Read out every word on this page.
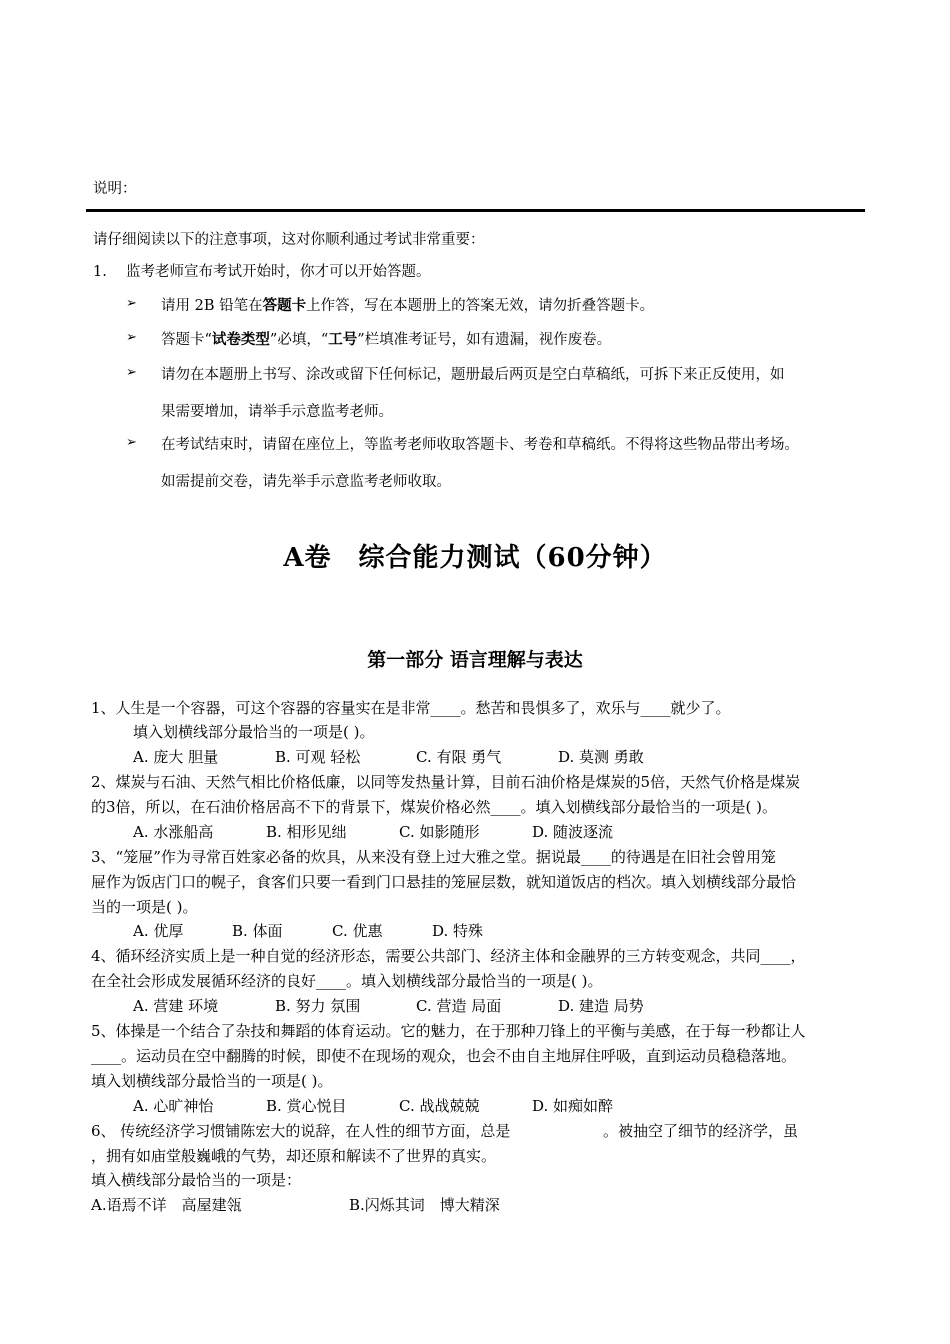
说明：
请仔细阅读以下的注意事项，这对你顺利通过考试非常重要：
1. 监考老师宣布考试开始时，你才可以开始答题。
➢ 请用 2B 铅笔在答题卡上作答，写在本题册上的答案无效，请勿折叠答题卡。
➢ 答题卡“试卷类型”必填，“工号”栏填准考证号，如有遗漏，视作废卷。
➢ 请勿在本题册上书写、涂改或留下任何标记，题册最后两页是空白草稿纸，可拆下来正反使用，如
果需要增加，请举手示意监考老师。
➢ 在考试结束时，请留在座位上，等监考老师收取答题卡、考卷和草稿纸。不得将这些物品带出考场。
如需提前交卷，请先举手示意监考老师收取。
A卷　综合能力测试（60分钟）
第一部分 语言理解与表达
1、人生是一个容器，可这个容器的容量实在是非常____。愁苦和畏惧多了，欢乐与____就少了。
填入划横线部分最恰当的一项是( )。
A. 庞大 胆量	B. 可观 轻松	C. 有限 勇气	D. 莫测 勇敢
2、煤炭与石油、天然气相比价格低廉，以同等发热量计算，目前石油价格是煤炭的5倍，天然气价格是煤炭
的3倍，所以，在石油价格居高不下的背景下，煤炭价格必然____。填入划横线部分最恰当的一项是( )。
A. 水涨船高	B. 相形见绌	C. 如影随形	D. 随波逐流
3、“笼屉”作为寻常百姓家必备的炊具，从来没有登上过大雅之堂。据说最____的待遇是在旧社会曾用笼
屉作为饭店门口的幌子，食客们只要一看到门口悬挂的笼屉层数，就知道饭店的档次。填入划横线部分最恰
当的一项是( )。
A. 优厚	B. 体面	C. 优惠	D. 特殊
4、循环经济实质上是一种自觉的经济形态，需要公共部门、经济主体和金融界的三方转变观念，共同____，
在全社会形成发展循环经济的良好____。填入划横线部分最恰当的一项是( )。
A. 营建 环境	B. 努力 氛围	C. 营造 局面	D. 建造 局势
5、体操是一个结合了杂技和舞蹈的体育运动。它的魅力，在于那种刀锋上的平衡与美感，在于每一秒都让人
____。运动员在空中翻腾的时候，即使不在现场的观众，也会不由自主地屏住呼吸，直到运动员稳稳落地。
填入划横线部分最恰当的一项是( )。
A. 心旷神怡	B. 赏心悦目	C. 战战兢兢	D. 如痴如醉
6、 传统经济学习惯铺陈宏大的说辞，在人性的细节方面，总是	。被抽空了细节的经济学，虽
，拥有如庙堂般巍峨的气势，却还原和解读不了世界的真实。
填入横线部分最恰当的一项是：
A.语焉不详　高屋建瓴	B.闪烁其词　博大精深
